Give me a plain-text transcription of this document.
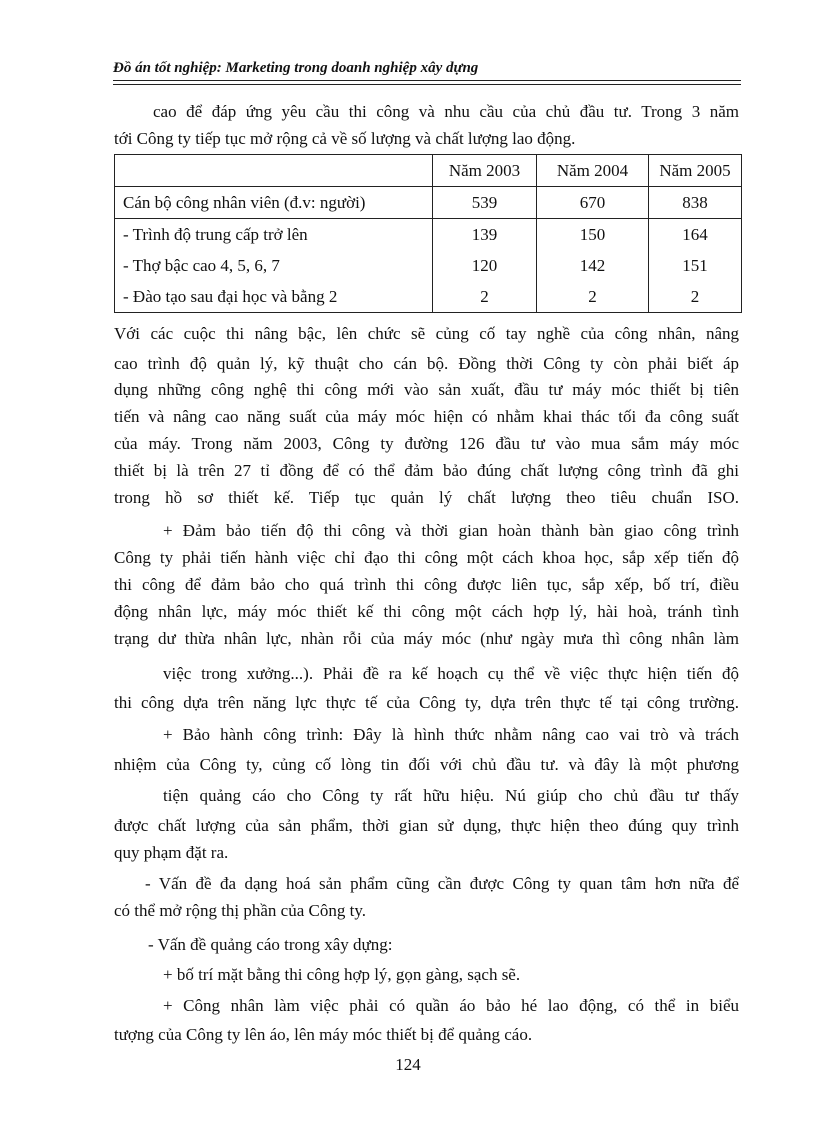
Đồ án tốt nghiệp: Marketing trong doanh nghiệp xây dựng
cao để đáp ứng yêu cầu thi công và nhu cầu của chủ đầu tư. Trong 3 năm
tới Công ty tiếp tục mở rộng cả về số lượng và chất lượng lao động.
	Năm 2003	Năm 2004	Năm 2005
Cán bộ công nhân viên (đ.v: người)	539	670	838
- Trình độ trung cấp trở lên	139	150	164
- Thợ bậc cao 4, 5, 6, 7	120	142	151
- Đào tạo sau đại học và bằng 2	2	2	2
Với các cuộc thi nâng bậc, lên chức sẽ củng cố tay nghề của công nhân, nâng
cao trình độ quản lý, kỹ thuật cho cán bộ. Đồng thời Công ty còn phải biết áp
dụng những công nghệ thi công mới vào sản xuất, đầu tư máy móc thiết bị tiên
tiến và nâng cao năng suất của máy móc hiện có nhằm khai thác tối đa công suất
của máy. Trong năm 2003, Công ty đường 126 đầu tư vào mua sắm máy móc
thiết bị là trên 27 tỉ đồng để có thể đảm bảo đúng chất lượng công trình đã ghi
trong hồ sơ thiết kế. Tiếp tục quản lý chất lượng theo tiêu chuẩn ISO.
+ Đảm bảo tiến độ thi công và thời gian hoàn thành bàn giao công trình
Công ty phải tiến hành việc chỉ đạo thi công một cách khoa học, sắp xếp tiến độ
thi công để đảm bảo cho quá trình thi công được liên tục, sắp xếp, bố trí, điều
động nhân lực, máy móc thiết kế thi công một cách hợp lý, hài hoà, tránh tình
trạng dư thừa nhân lực, nhàn rỗi của máy móc (như ngày mưa thì công nhân làm
việc trong xưởng...). Phải đề ra kế hoạch cụ thể về việc thực hiện tiến độ
thi công dựa trên năng lực thực tế của Công ty, dựa trên thực tế tại công trường.
+ Bảo hành công trình: Đây là hình thức nhằm nâng cao vai trò và trách
nhiệm của Công ty, củng cố lòng tin đối với chủ đầu tư. và đây là một phương
tiện quảng cáo cho Công ty rất hữu hiệu. Nú giúp cho chủ đầu tư thấy
được chất lượng của sản phẩm, thời gian sử dụng, thực hiện theo đúng quy trình
quy phạm đặt ra.
- Vấn đề đa dạng hoá sản phẩm cũng cần được Công ty quan tâm hơn nữa để
có thể mở rộng thị phần của Công ty.
- Vấn đề quảng cáo trong xây dựng:
+ bố trí mặt bằng thi công hợp lý, gọn gàng, sạch sẽ.
+ Công nhân làm việc phải có quần áo bảo hé lao động, có thể in biểu
tượng của Công ty lên áo, lên máy móc thiết bị để quảng cáo.
124
